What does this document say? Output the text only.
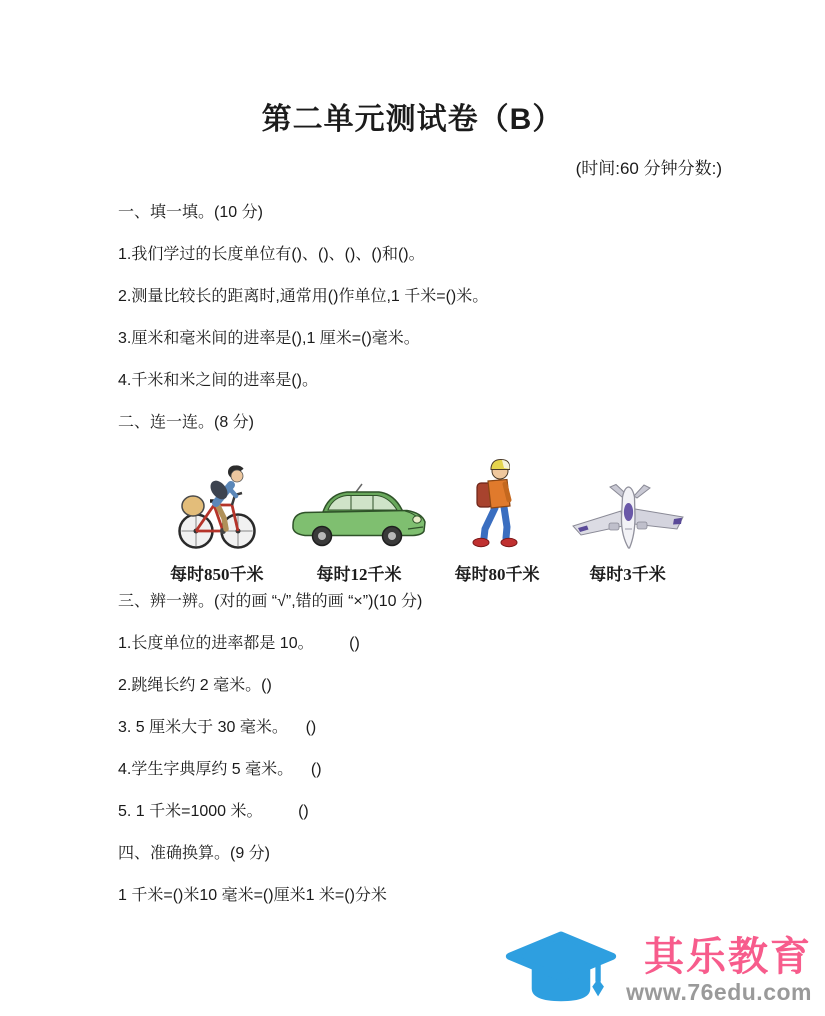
第二单元测试卷（B）
(时间:60 分钟分数:)

一、填一填。(10 分)

1.我们学过的长度单位有()、()、()、()和()。

2.测量比较长的距离时,通常用()作单位,1 千米=()米。

3.厘米和毫米间的进率是(),1 厘米=()毫米。

4.千米和米之间的进率是()。

二、连一连。(8 分)

每时850千米	每时12千米	每时80千米	每时3千米

三、辨一辨。(对的画 “√”,错的画 “×”)(10 分)

1.长度单位的进率都是 10。        ()

2.跳绳长约 2 毫米。()

3. 5 厘米大于 30 毫米。    ()

4.学生字典厚约 5 毫米。    ()

5. 1 千米=1000 米。        ()

四、准确换算。(9 分)

1 千米=()米10 毫米=()厘米1 米=()分米

其乐教育
www.76edu.com
